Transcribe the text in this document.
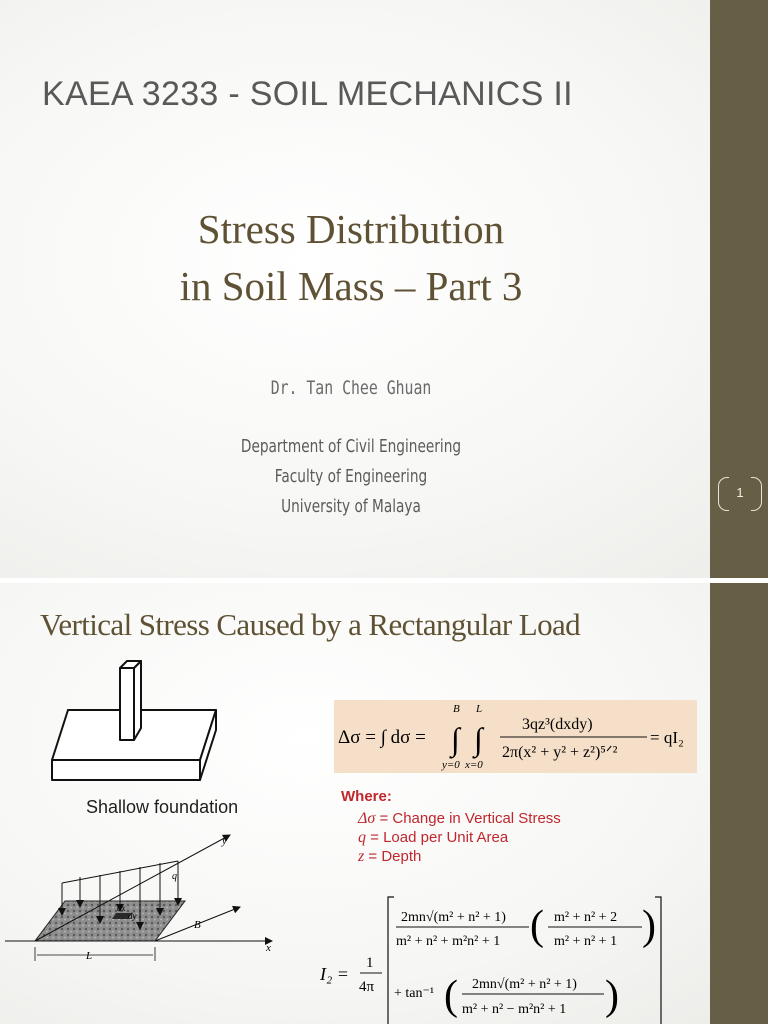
KAEA 3233 - SOIL MECHANICS II
Stress Distribution
in Soil Mass – Part 3
Dr. Tan Chee Ghuan
Department of Civil Engineering
Faculty of Engineering
University of Malaya
1
Vertical Stress Caused by a Rectangular Load
Shallow foundation
y
q
dx
dy
B
L
x
Δσ = ∫ dσ = ∫ ∫
B L
y=0 x=0
3qz³(dxdy)
2π(x² + y² + z²)⁵ᐟ²
= qI₂
Where:
Δσ = Change in Vertical Stress
q = Load per Unit Area
z = Depth
I₂ =
1
4π
2mn√(m² + n² + 1)
m² + n² + m²n² + 1 ( m² + n² + 2
m² + n² + 1 )
+ tan⁻¹ ( 2mn√(m² + n² + 1)
m² + n² − m²n² + 1 )
